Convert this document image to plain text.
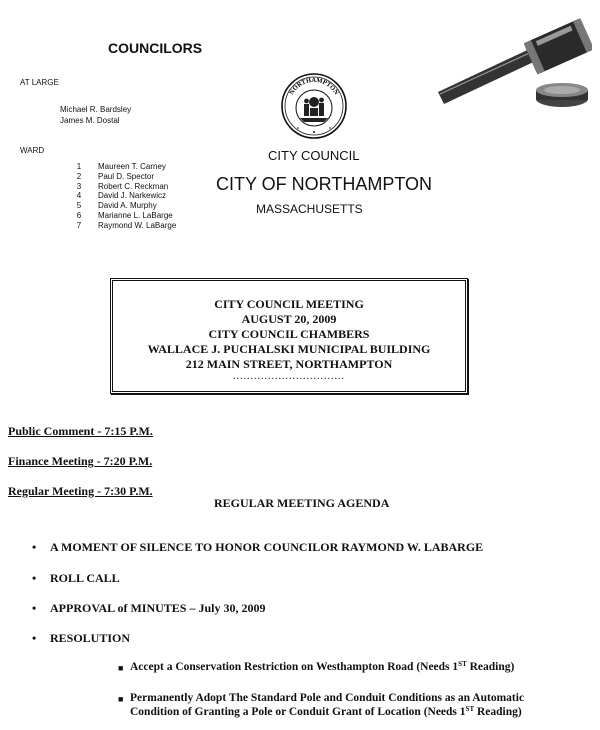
COUNCILORS
AT LARGE
Michael R. Bardsley
James M. Dostal
WARD
1	Maureen T. Carney
2	Paul D. Spector
3	Robert C. Reckman
4	David J. Narkewicz
5	David A. Murphy
6	Marianne L. LaBarge
7	Raymond W. LaBarge
NORTHAMPTON
CITY COUNCIL
CITY OF NORTHAMPTON
MASSACHUSETTS
CITY COUNCIL MEETING
AUGUST 20, 2009
CITY COUNCIL CHAMBERS
WALLACE J. PUCHALSKI MUNICIPAL BUILDING
212 MAIN STREET, NORTHAMPTON
................................
Public Comment - 7:15 P.M.
Finance Meeting - 7:20 P.M.
Regular Meeting - 7:30 P.M.
REGULAR MEETING AGENDA
•	A MOMENT OF SILENCE TO HONOR COUNCILOR RAYMOND W. LABARGE
•	ROLL CALL
•	APPROVAL of MINUTES – July 30, 2009
•	RESOLUTION
■ Accept a Conservation Restriction on Westhampton Road (Needs 1ST Reading)
■ Permanently Adopt The Standard Pole and Conduit Conditions as an Automatic
Condition of Granting a Pole or Conduit Grant of Location (Needs 1ST Reading)
